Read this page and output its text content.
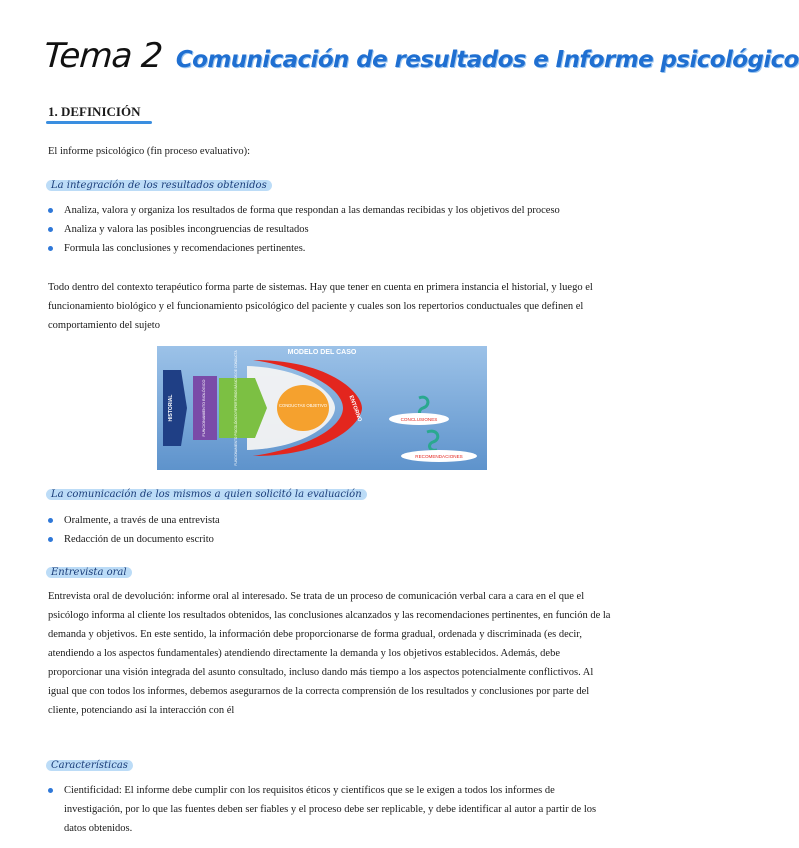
Tema 2 Comunicación de resultados e Informe psicológico
1. DEFINICIÓN
El informe psicológico (fin proceso evaluativo):
La integración de los resultados obtenidos
Analiza, valora y organiza los resultados de forma que respondan a las demandas recibidas y los objetivos del proceso
Analiza y valora las posibles incongruencias de resultados
Formula las conclusiones y recomendaciones pertinentes.
Todo dentro del contexto terapéutico forma parte de sistemas. Hay que tener en cuenta en primera instancia el historial, y luego el funcionamiento biológico y el funcionamiento psicológico del paciente y cuales son los repertorios conductuales que definen el comportamiento del sujeto
MODELO DEL CASO
ENTORNO
HISTORIAL	FUNCIONAMIENTO BIOLÓGICO	FUNCIONAMIENTO PSICOLÓGICO REPERTORIOS BÁSICOS DE CONDUCTA	CONDUCTAS OBJETIVO
CONCLUSIONES
RECOMENDACIONES
La comunicación de los mismos a quien solicitó la evaluación
Oralmente, a través de una entrevista
Redacción de un documento escrito
Entrevista oral
Entrevista oral de devolución: informe oral al interesado. Se trata de un proceso de comunicación verbal cara a cara en el que el psicólogo informa al cliente los resultados obtenidos, las conclusiones alcanzados y las recomendaciones pertinentes, en función de la demanda y objetivos. En este sentido, la información debe proporcionarse de forma gradual, ordenada y discriminada (es decir, atendiendo a los aspectos fundamentales) atendiendo directamente la demanda y los objetivos establecidos. Además, debe proporcionar una visión integrada del asunto consultado, incluso dando más tiempo a los aspectos potencialmente conflictivos. Al igual que con todos los informes, debemos asegurarnos de la correcta comprensión de los resultados y conclusiones por parte del cliente, potenciando así la interacción con él
Características
Cientificidad: El informe debe cumplir con los requisitos éticos y científicos que se le exigen a todos los informes de investigación, por lo que las fuentes deben ser fiables y el proceso debe ser replicable, y debe identificar al autor a partir de los datos obtenidos.
